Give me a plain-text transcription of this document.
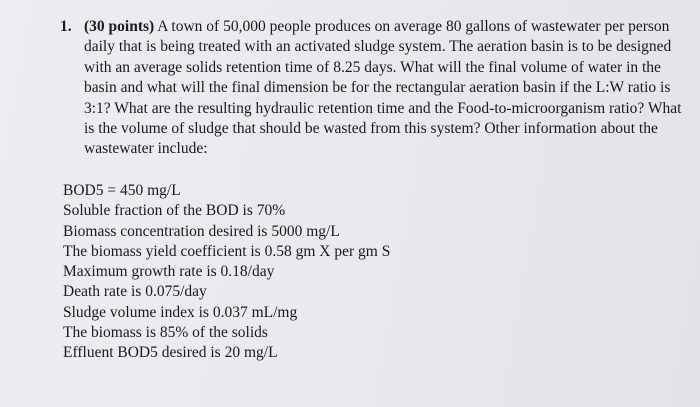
1. (30 points) A town of 50,000 people produces on average 80 gallons of wastewater per person daily that is being treated with an activated sludge system. The aeration basin is to be designed with an average solids retention time of 8.25 days. What will the final volume of water in the basin and what will the final dimension be for the rectangular aeration basin if the L:W ratio is 3:1? What are the resulting hydraulic retention time and the Food-to-microorganism ratio? What is the volume of sludge that should be wasted from this system? Other information about the wastewater include:

BOD5 = 450 mg/L
Soluble fraction of the BOD is 70%
Biomass concentration desired is 5000 mg/L
The biomass yield coefficient is 0.58 gm X per gm S
Maximum growth rate is 0.18/day
Death rate is 0.075/day
Sludge volume index is 0.037 mL/mg
The biomass is 85% of the solids
Effluent BOD5 desired is 20 mg/L
